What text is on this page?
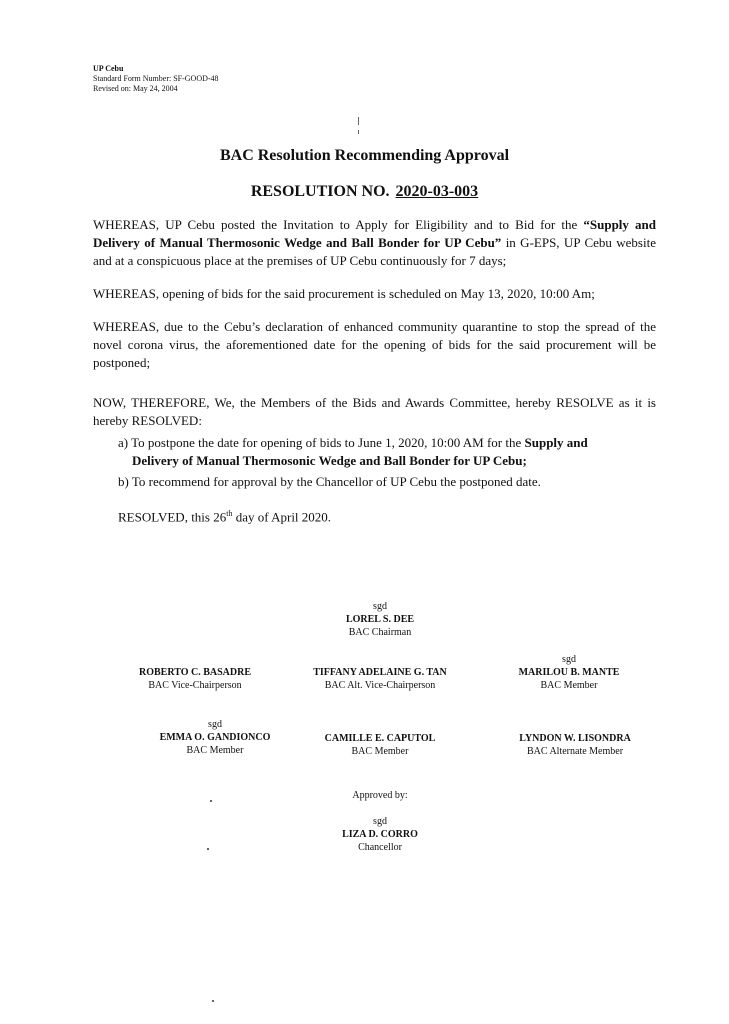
UP Cebu
Standard Form Number: SF-GOOD-48
Revised on: May 24, 2004
BAC Resolution Recommending Approval
RESOLUTION NO. 2020-03-003
WHEREAS, UP Cebu posted the Invitation to Apply for Eligibility and to Bid for the “Supply and Delivery of Manual Thermosonic Wedge and Ball Bonder for UP Cebu” in G-EPS, UP Cebu website and at a conspicuous place at the premises of UP Cebu continuously for 7 days;
WHEREAS, opening of bids for the said procurement is scheduled on May 13, 2020, 10:00 Am;
WHEREAS, due to the Cebu’s declaration of enhanced community quarantine to stop the spread of the novel corona virus, the aforementioned date for the opening of bids for the said procurement will be postponed;
NOW, THEREFORE, We, the Members of the Bids and Awards Committee, hereby RESOLVE as it is hereby RESOLVED:
a) To postpone the date for opening of bids to June 1, 2020, 10:00 AM for the Supply and
Delivery of Manual Thermosonic Wedge and Ball Bonder for UP Cebu;
b) To recommend for approval by the Chancellor of UP Cebu the postponed date.
RESOLVED, this 26th day of April 2020.
sgd
LOREL S. DEE
BAC Chairman
ROBERTO C. BASADRE
BAC Vice-Chairperson
TIFFANY ADELAINE G. TAN
BAC Alt. Vice-Chairperson
sgd
MARILOU B. MANTE
BAC Member
sgd
EMMA O. GANDIONCO
BAC Member
CAMILLE E. CAPUTOL
BAC Member
LYNDON W. LISONDRA
BAC Alternate Member
Approved by:
sgd
LIZA D. CORRO
Chancellor
